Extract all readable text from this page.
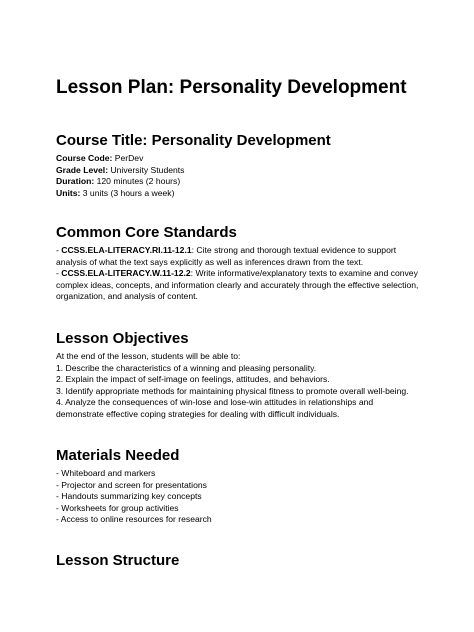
Lesson Plan: Personality Development
Course Title: Personality Development
Course Code: PerDev
Grade Level: University Students
Duration: 120 minutes (2 hours)
Units: 3 units (3 hours a week)
Common Core Standards
- CCSS.ELA-LITERACY.RI.11-12.1: Cite strong and thorough textual evidence to support
analysis of what the text says explicitly as well as inferences drawn from the text.
- CCSS.ELA-LITERACY.W.11-12.2: Write informative/explanatory texts to examine and convey
complex ideas, concepts, and information clearly and accurately through the effective selection,
organization, and analysis of content.
Lesson Objectives
At the end of the lesson, students will be able to:
1. Describe the characteristics of a winning and pleasing personality.
2. Explain the impact of self-image on feelings, attitudes, and behaviors.
3. Identify appropriate methods for maintaining physical fitness to promote overall well-being.
4. Analyze the consequences of win-lose and lose-win attitudes in relationships and
demonstrate effective coping strategies for dealing with difficult individuals.
Materials Needed
- Whiteboard and markers
- Projector and screen for presentations
- Handouts summarizing key concepts
- Worksheets for group activities
- Access to online resources for research
Lesson Structure
